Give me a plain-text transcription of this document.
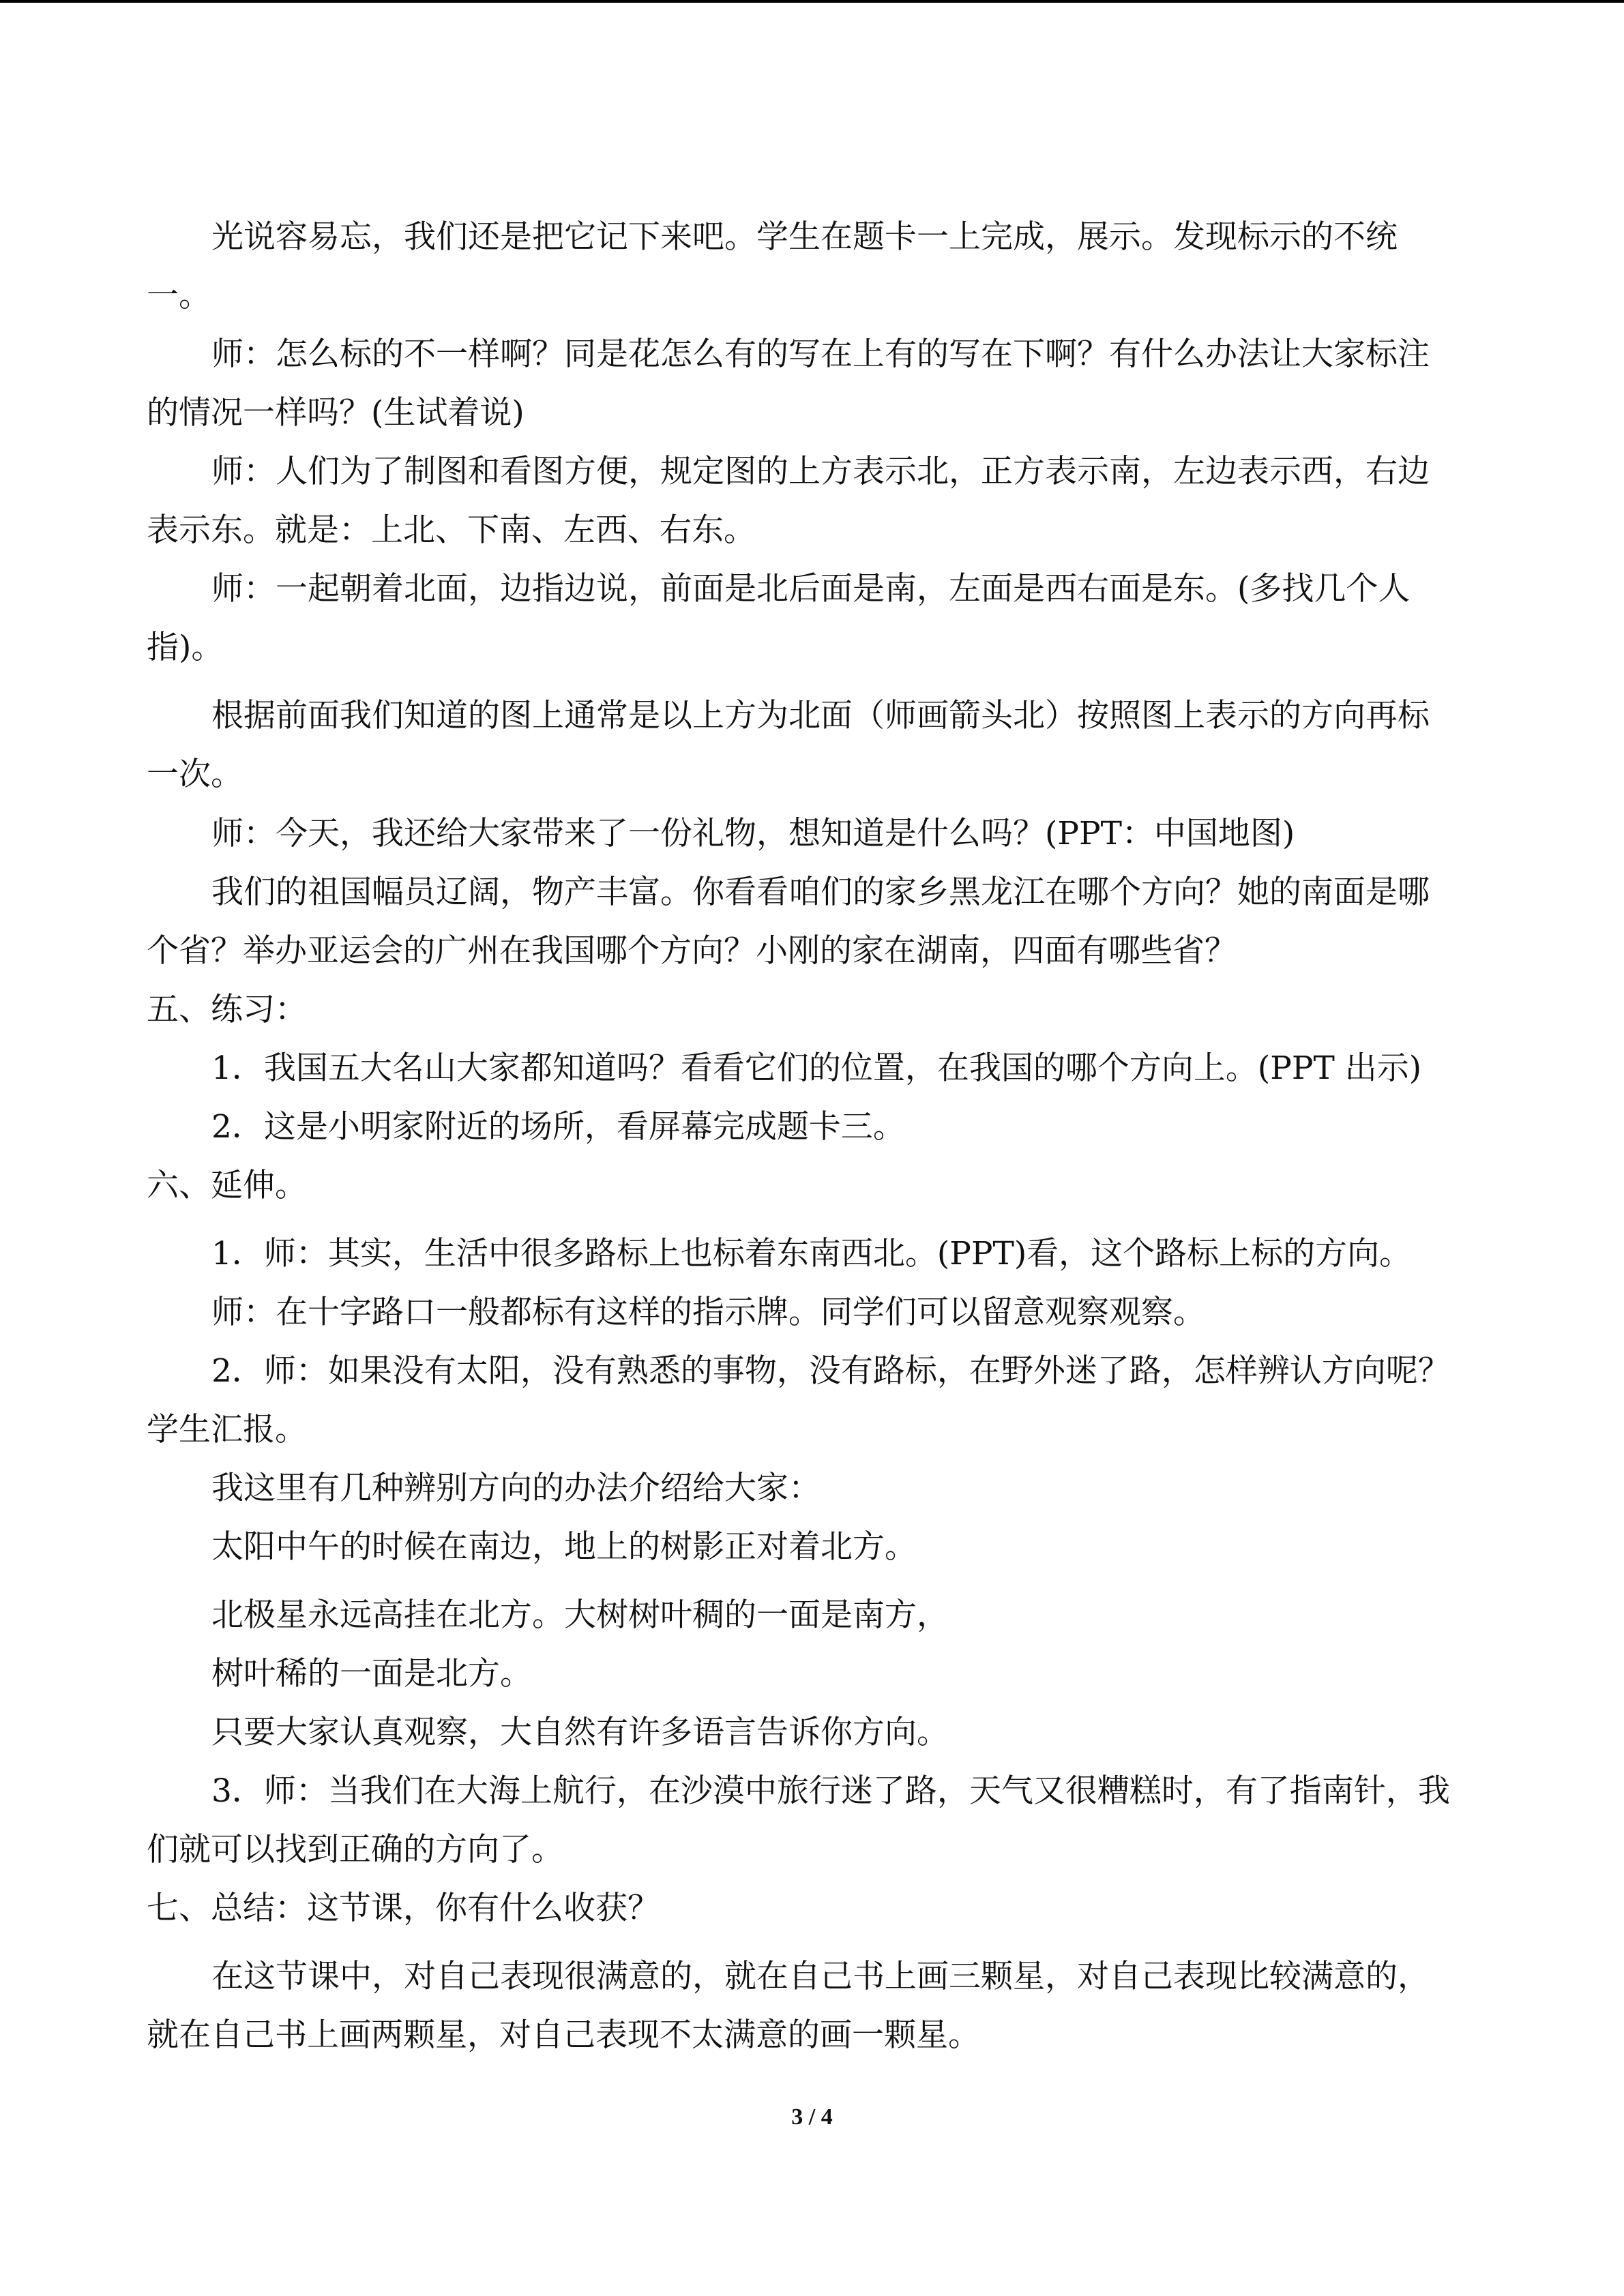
光说容易忘，我们还是把它记下来吧。学生在题卡一上完成，展示。发现标示的不统
一。
师：怎么标的不一样啊？同是花怎么有的写在上有的写在下啊？有什么办法让大家标注
的情况一样吗？(生试着说)
师：人们为了制图和看图方便，规定图的上方表示北，正方表示南，左边表示西，右边
表示东。就是：上北、下南、左西、右东。
师：一起朝着北面，边指边说，前面是北后面是南，左面是西右面是东。(多找几个人
指)。
根据前面我们知道的图上通常是以上方为北面（师画箭头北）按照图上表示的方向再标
一次。
师：今天，我还给大家带来了一份礼物，想知道是什么吗？(PPT：中国地图)
我们的祖国幅员辽阔，物产丰富。你看看咱们的家乡黑龙江在哪个方向？她的南面是哪
个省？举办亚运会的广州在我国哪个方向？小刚的家在湖南，四面有哪些省？
五、练习：
1．我国五大名山大家都知道吗？看看它们的位置，在我国的哪个方向上。(PPT 出示)
2．这是小明家附近的场所，看屏幕完成题卡三。
六、延伸。
1．师：其实，生活中很多路标上也标着东南西北。(PPT)看，这个路标上标的方向。
师：在十字路口一般都标有这样的指示牌。同学们可以留意观察观察。
2．师：如果没有太阳，没有熟悉的事物，没有路标，在野外迷了路，怎样辨认方向呢？
学生汇报。
我这里有几种辨别方向的办法介绍给大家：
太阳中午的时候在南边，地上的树影正对着北方。
北极星永远高挂在北方。大树树叶稠的一面是南方，
树叶稀的一面是北方。
只要大家认真观察，大自然有许多语言告诉你方向。
3．师：当我们在大海上航行，在沙漠中旅行迷了路，天气又很糟糕时，有了指南针，我
们就可以找到正确的方向了。
七、总结：这节课，你有什么收获？
在这节课中，对自己表现很满意的，就在自己书上画三颗星，对自己表现比较满意的，
就在自己书上画两颗星，对自己表现不太满意的画一颗星。
3 / 4
